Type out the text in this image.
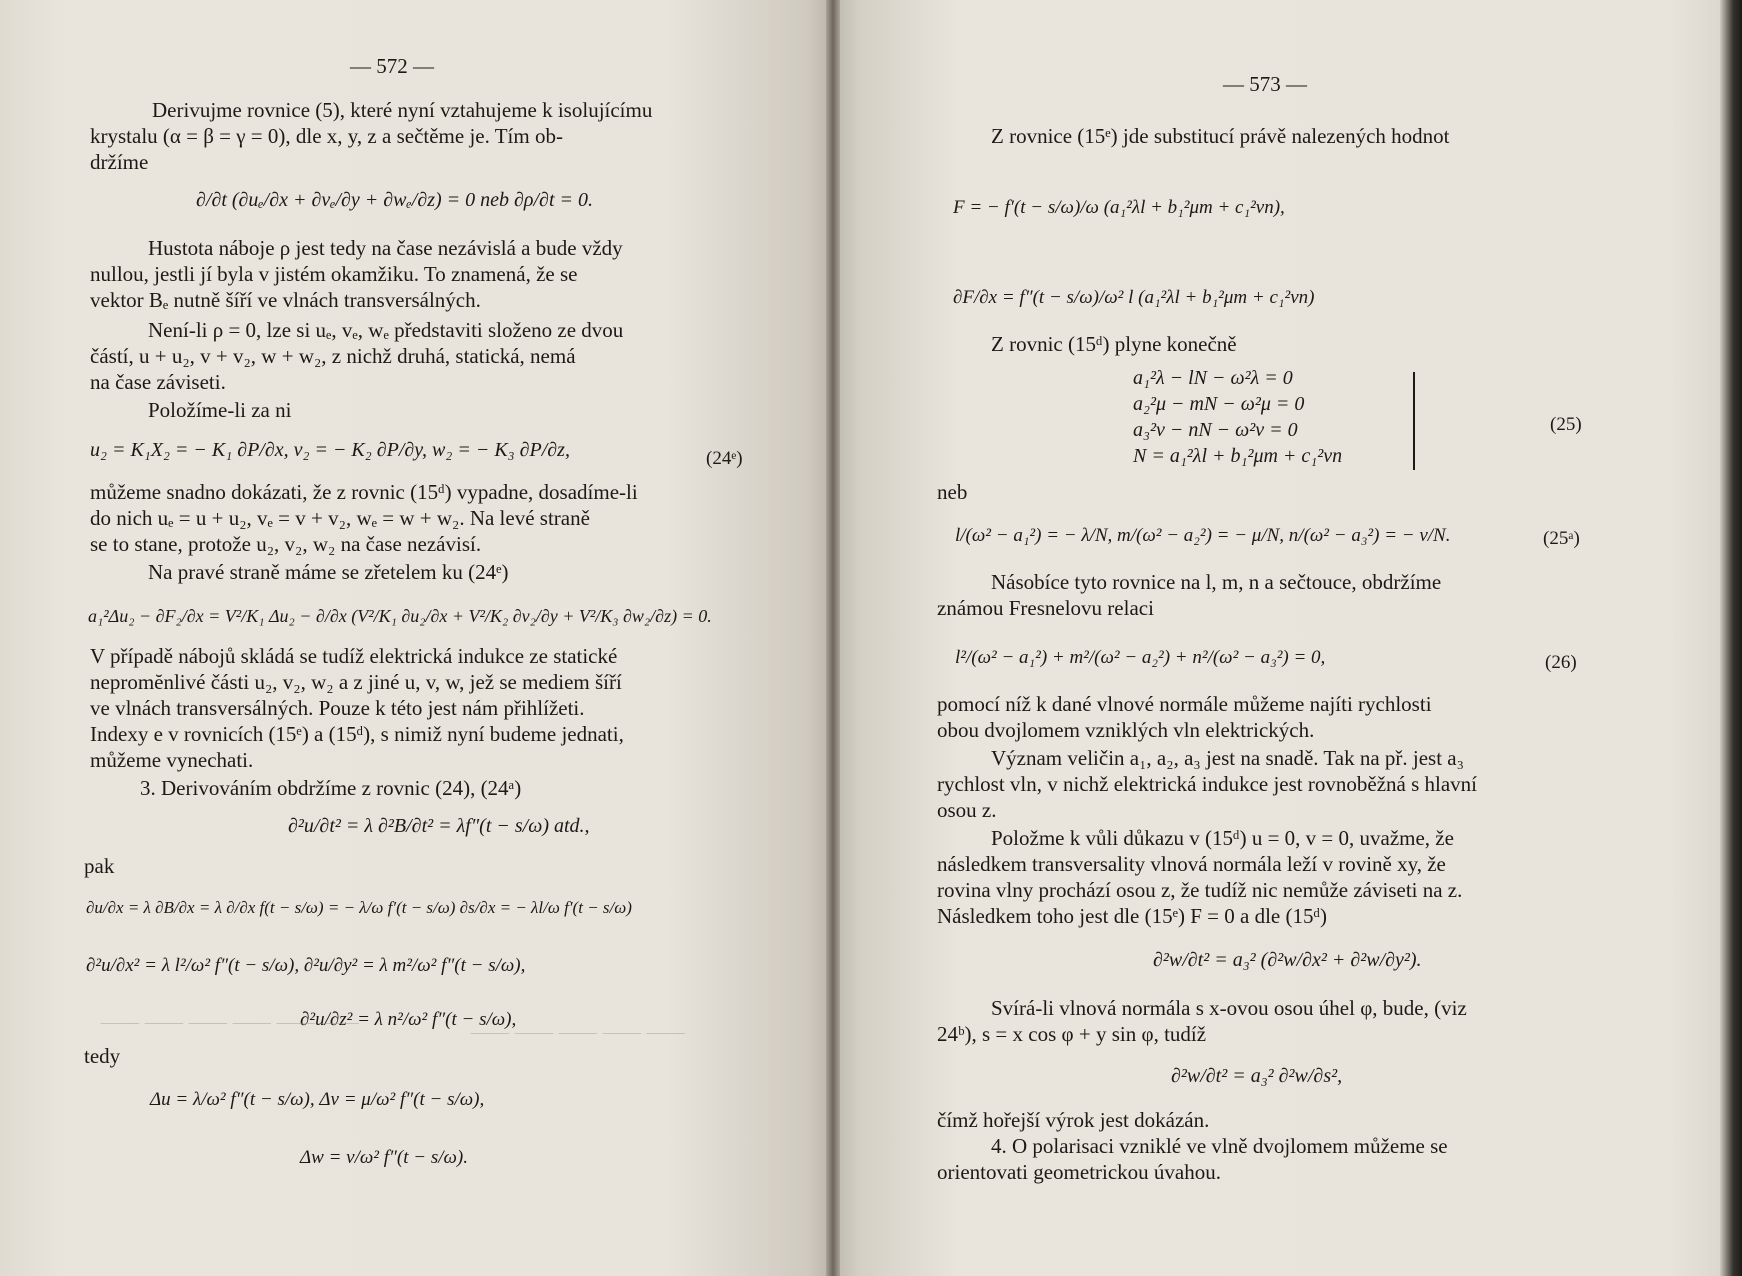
— 572 —
Derivujme rovnice (5), které nyní vztahujeme k isolujícímu
krystalu (α = β = γ = 0), dle x, y, z a sečtěme je. Tím ob-
držíme
∂/∂t (∂uₑ/∂x + ∂vₑ/∂y + ∂wₑ/∂z) = 0 neb ∂ρ/∂t = 0.
Hustota náboje ρ jest tedy na čase nezávislá a bude vždy
nullou, jestli jí byla v jistém okamžiku. To znamená, že se
vektor Bₑ nutně šíří ve vlnách transversálných.
Není-li ρ = 0, lze si uₑ, vₑ, wₑ představiti složeno ze dvou
částí, u + u₂, v + v₂, w + w₂, z nichž druhá, statická, nemá
na čase záviseti.
Položíme-li za ni
u₂ = K₁X₂ = − K₁ ∂P/∂x, v₂ = − K₂ ∂P/∂y, w₂ = − K₃ ∂P/∂z,	(24ᵉ)
můžeme snadno dokázati, že z rovnic (15ᵈ) vypadne, dosadíme-li
do nich uₑ = u + u₂, vₑ = v + v₂, wₑ = w + w₂. Na levé straně
se to stane, protože u₂, v₂, w₂ na čase nezávisí.
Na pravé straně máme se zřetelem ku (24ᵉ)
a₁²Δu₂ − ∂F₂/∂x = V²/K₁ Δu₂ − ∂/∂x (V²/K₁ ∂u₂/∂x + V²/K₂ ∂v₂/∂y + V²/K₃ ∂w₂/∂z) = 0.
V případě nábojů skládá se tudíž elektrická indukce ze statické
nepromĕnlivé části u₂, v₂, w₂ a z jiné u, v, w, jež se mediem šíří
ve vlnách transversálných. Pouze k této jest nám přihlížeti.
Indexy e v rovnicích (15ᵉ) a (15ᵈ), s nimiž nyní budeme jednati,
můžeme vynechati.
3. Derivováním obdržíme z rovnic (24), (24ᵃ)
∂²u/∂t² = λ ∂²B/∂t² = λf″(t − s/ω) atd.,
pak
∂u/∂x = λ ∂B/∂x = λ ∂/∂x f(t − s/ω) = − λ/ω f′(t − s/ω) ∂s/∂x = − λl/ω f′(t − s/ω)
∂²u/∂x² = λ l²/ω² f″(t − s/ω), ∂²u/∂y² = λ m²/ω² f″(t − s/ω),
∂²u/∂z² = λ n²/ω² f″(t − s/ω),
tedy
Δu = λ/ω² f″(t − s/ω), Δv = μ/ω² f″(t − s/ω),
Δw = ν/ω² f″(t − s/ω).
⸻ ⸻ ⸻ ⸻ ⸻ ⸻
⸻ ⸻ ⸻ ⸻ ⸻
— 573 —
Z rovnice (15ᵉ) jde substitucí právě nalezených hodnot
F = − f′(t − s/ω)/ω (a₁²λl + b₁²μm + c₁²νn),
∂F/∂x = f″(t − s/ω)/ω² l (a₁²λl + b₁²μm + c₁²νn)
Z rovnic (15ᵈ) plyne konečně
a₁²λ − lN − ω²λ = 0
a₂²μ − mN − ω²μ = 0
a₃²ν − nN − ω²ν = 0
N = a₁²λl + b₁²μm + c₁²νn
(25)
neb
l/(ω² − a₁²) = − λ/N, m/(ω² − a₂²) = − μ/N, n/(ω² − a₃²) = − ν/N.	(25ᵃ)
Násobíce tyto rovnice na l, m, n a sečtouce, obdržíme
známou Fresnelovu relaci
l²/(ω² − a₁²) + m²/(ω² − a₂²) + n²/(ω² − a₃²) = 0,	(26)
pomocí níž k dané vlnové normále můžeme najíti rychlosti
obou dvojlomem vzniklých vln elektrických.
Význam veličin a₁, a₂, a₃ jest na snadě. Tak na př. jest a₃
rychlost vln, v nichž elektrická indukce jest rovnoběžná s hlavní
osou z.
Položme k vůli důkazu v (15ᵈ) u = 0, v = 0, uvažme, že
následkem transversality vlnová normála leží v rovině xy, že
rovina vlny prochází osou z, že tudíž nic nemůže záviseti na z.
Následkem toho jest dle (15ᵉ) F = 0 a dle (15ᵈ)
∂²w/∂t² = a₃² (∂²w/∂x² + ∂²w/∂y²).
Svírá-li vlnová normála s x-ovou osou úhel φ, bude, (viz
24ᵇ), s = x cos φ + y sin φ, tudíž
∂²w/∂t² = a₃² ∂²w/∂s²,
čímž hořejší výrok jest dokázán.
4. O polarisaci vzniklé ve vlně dvojlomem můžeme se
orientovati geometrickou úvahou.
